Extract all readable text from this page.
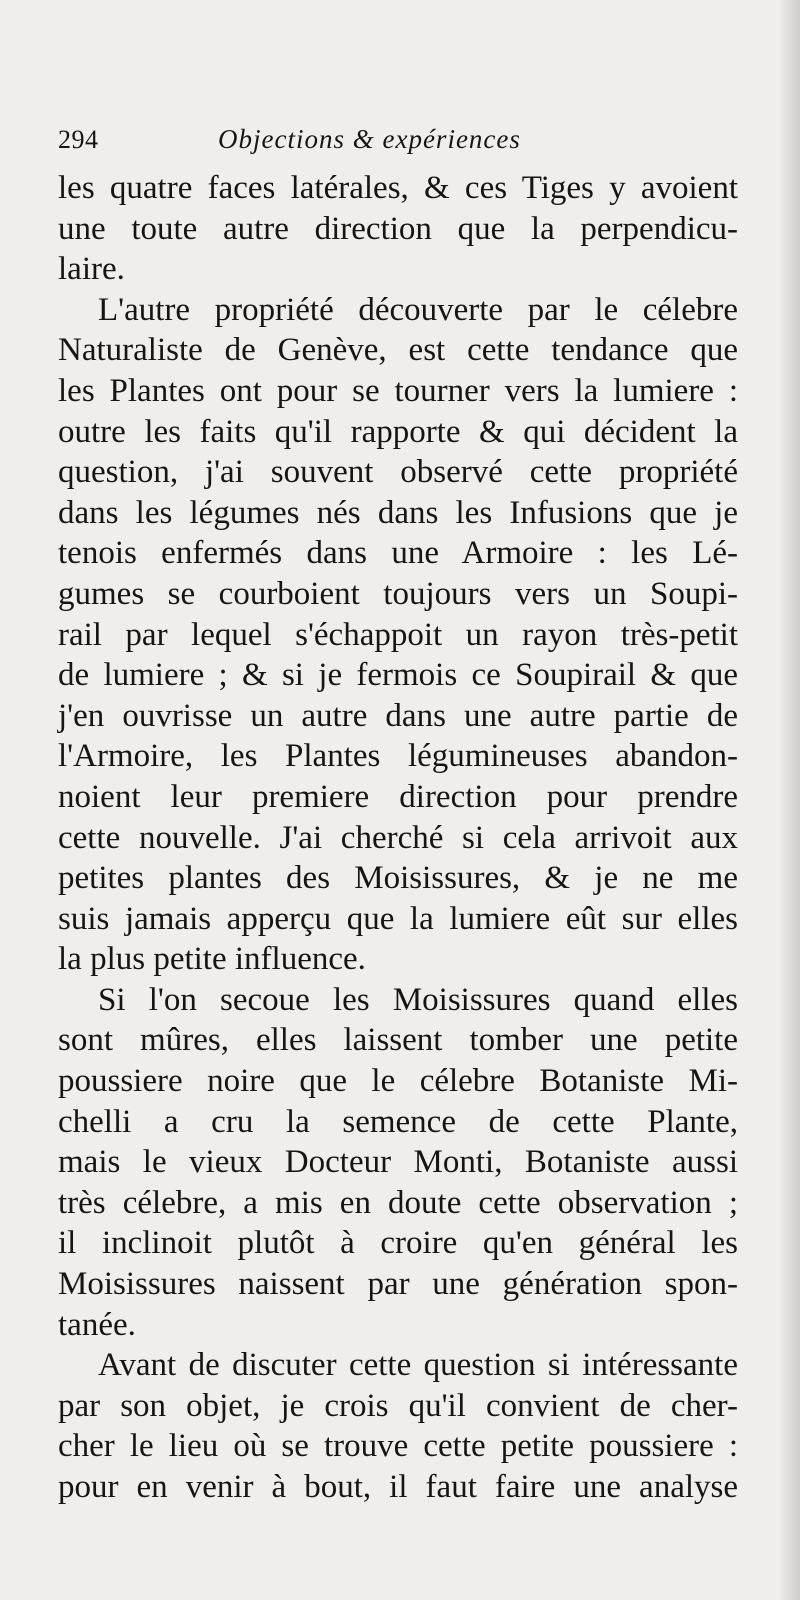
294	Objections & expériences
les quatre faces latérales, & ces Tiges y avoient
une toute autre direction que la perpendicu-
laire.
L'autre propriété découverte par le célebre
Naturaliste de Genève, est cette tendance que
les Plantes ont pour se tourner vers la lumiere :
outre les faits qu'il rapporte & qui décident la
question, j'ai souvent observé cette propriété
dans les légumes nés dans les Infusions que je
tenois enfermés dans une Armoire : les Lé-
gumes se courboient toujours vers un Soupi-
rail par lequel s'échappoit un rayon très-petit
de lumiere ; & si je fermois ce Soupirail & que
j'en ouvrisse un autre dans une autre partie de
l'Armoire, les Plantes légumineuses abandon-
noient leur premiere direction pour prendre
cette nouvelle. J'ai cherché si cela arrivoit aux
petites plantes des Moisissures, & je ne me
suis jamais apperçu que la lumiere eût sur elles
la plus petite influence.
Si l'on secoue les Moisissures quand elles
sont mûres, elles laissent tomber une petite
poussiere noire que le célebre Botaniste Mi-
chelli a cru la semence de cette Plante,
mais le vieux Docteur Monti, Botaniste aussi
très célebre, a mis en doute cette observation ;
il inclinoit plutôt à croire qu'en général les
Moisissures naissent par une génération spon-
tanée.
Avant de discuter cette question si intéressante
par son objet, je crois qu'il convient de cher-
cher le lieu où se trouve cette petite poussiere :
pour en venir à bout, il faut faire une analyse
